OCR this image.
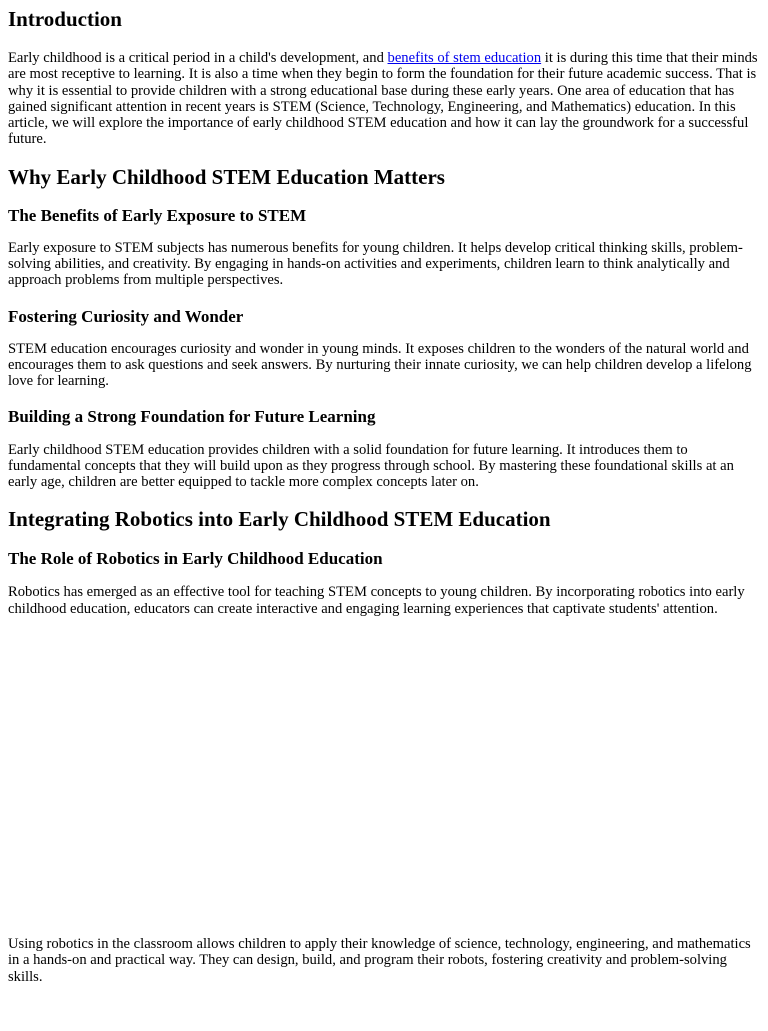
Introduction

Early childhood is a critical period in a child's development, and benefits of stem education it is during this time that their minds are most receptive to learning. It is also a time when they begin to form the foundation for their future academic success. That is why it is essential to provide children with a strong educational base during these early years. One area of education that has gained significant attention in recent years is STEM (Science, Technology, Engineering, and Mathematics) education. In this article, we will explore the importance of early childhood STEM education and how it can lay the groundwork for a successful future.

Why Early Childhood STEM Education Matters
The Benefits of Early Exposure to STEM

Early exposure to STEM subjects has numerous benefits for young children. It helps develop critical thinking skills, problem-solving abilities, and creativity. By engaging in hands-on activities and experiments, children learn to think analytically and approach problems from multiple perspectives.

Fostering Curiosity and Wonder

STEM education encourages curiosity and wonder in young minds. It exposes children to the wonders of the natural world and encourages them to ask questions and seek answers. By nurturing their innate curiosity, we can help children develop a lifelong love for learning.

Building a Strong Foundation for Future Learning

Early childhood STEM education provides children with a solid foundation for future learning. It introduces them to fundamental concepts that they will build upon as they progress through school. By mastering these foundational skills at an early age, children are better equipped to tackle more complex concepts later on.

Integrating Robotics into Early Childhood STEM Education
The Role of Robotics in Early Childhood Education

Robotics has emerged as an effective tool for teaching STEM concepts to young children. By incorporating robotics into early childhood education, educators can create interactive and engaging learning experiences that captivate students' attention.

Using robotics in the classroom allows children to apply their knowledge of science, technology, engineering, and mathematics in a hands-on and practical way. They can design, build, and program their robots, fostering creativity and problem-solving skills.
